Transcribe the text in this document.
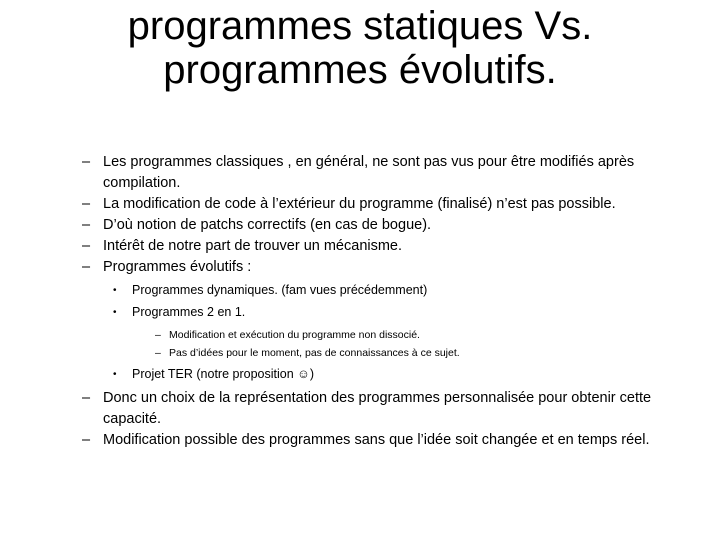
programmes statiques Vs.
programmes évolutifs.
– Les programmes classiques , en général, ne sont pas vus pour être modifiés après compilation.
– La modification de code à l’extérieur du programme (finalisé) n’est pas possible.
– D’où notion de patchs correctifs (en cas de bogue).
– Intérêt de notre part de trouver un mécanisme.
– Programmes évolutifs :
• Programmes dynamiques. (fam vues précédemment)
• Programmes 2 en 1.
– Modification et exécution du programme non dissocié.
– Pas d’idées pour le moment, pas de connaissances à ce sujet.
• Projet TER (notre proposition ☺)
– Donc un choix de la représentation des programmes personnalisée pour obtenir cette capacité.
– Modification possible des programmes sans que l’idée soit changée et en temps réel.
